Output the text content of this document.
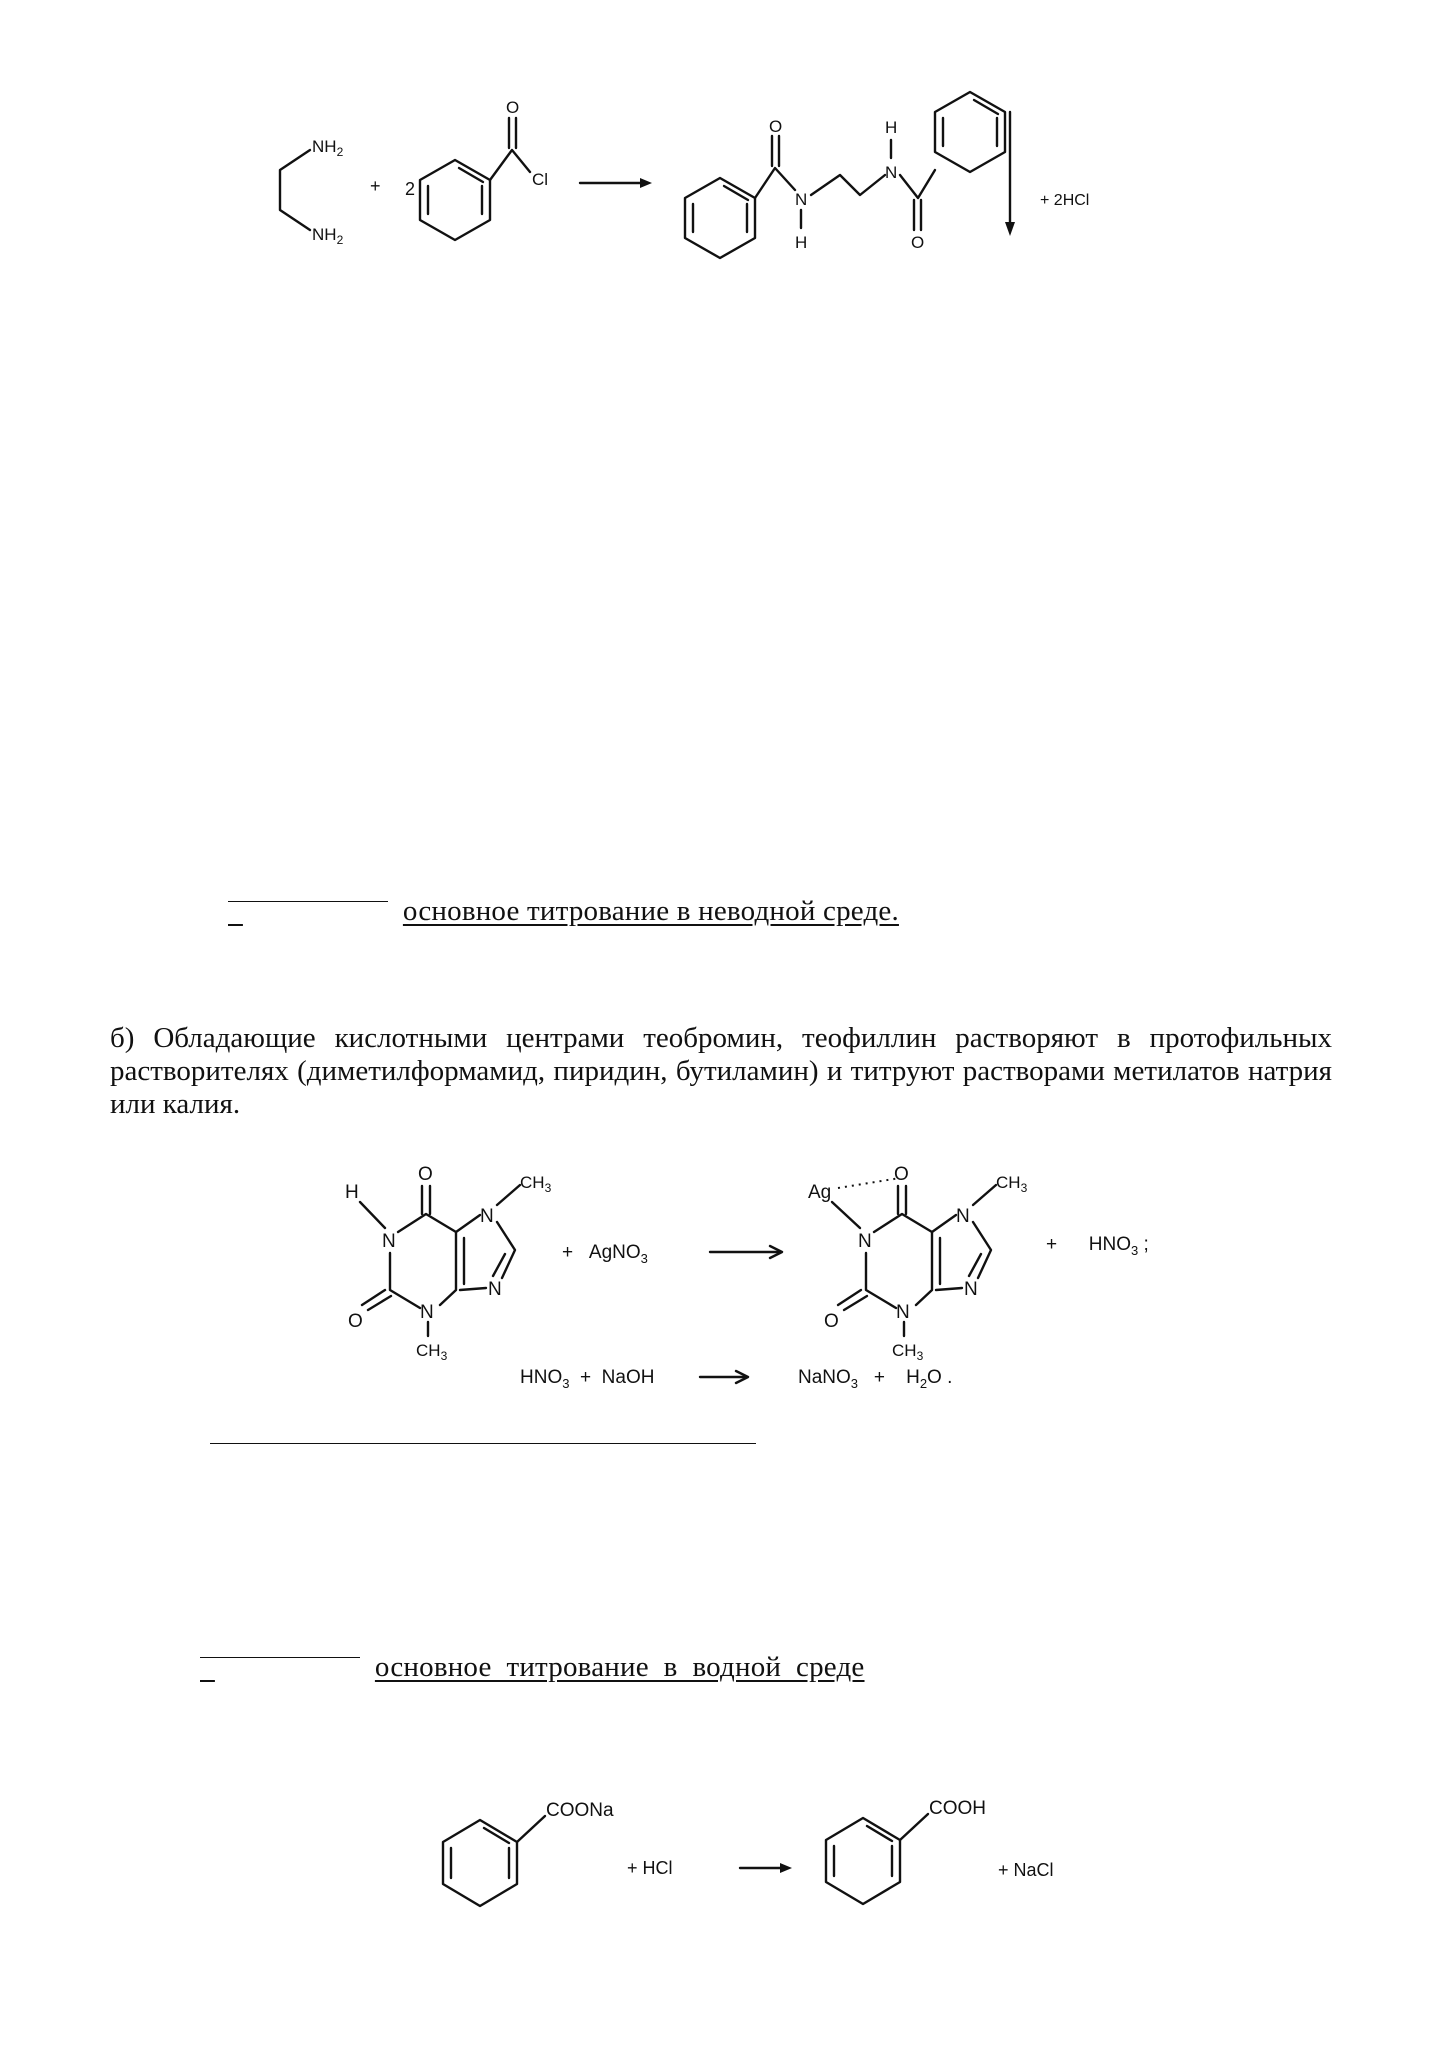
$NH_2$
$NH_2$
+ 2
O
Cl
O
N
H
N
H
O
+ 2HCl

основное титрование в неводной среде.

б) Обладающие кислотными центрами теобромин, теофиллин растворяют в протофильных растворителях (диметилформамид, пиридин, бутиламин) и титруют растворами метилатов натрия или калия.
H
N
O
O	N
$CH_3$
N
$CH_3$
N
+   AgNO$_3$
Ag
N
O
O	N
$CH_3$
N
$CH_3$
N
+      $HNO_3$ ;
$HNO_3$  +  NaOH	NaNO$_3$   +    $H_2O$ .

основное  титрование  в  водной  среде

COONa
+ HCl
COOH
+ NaCl
